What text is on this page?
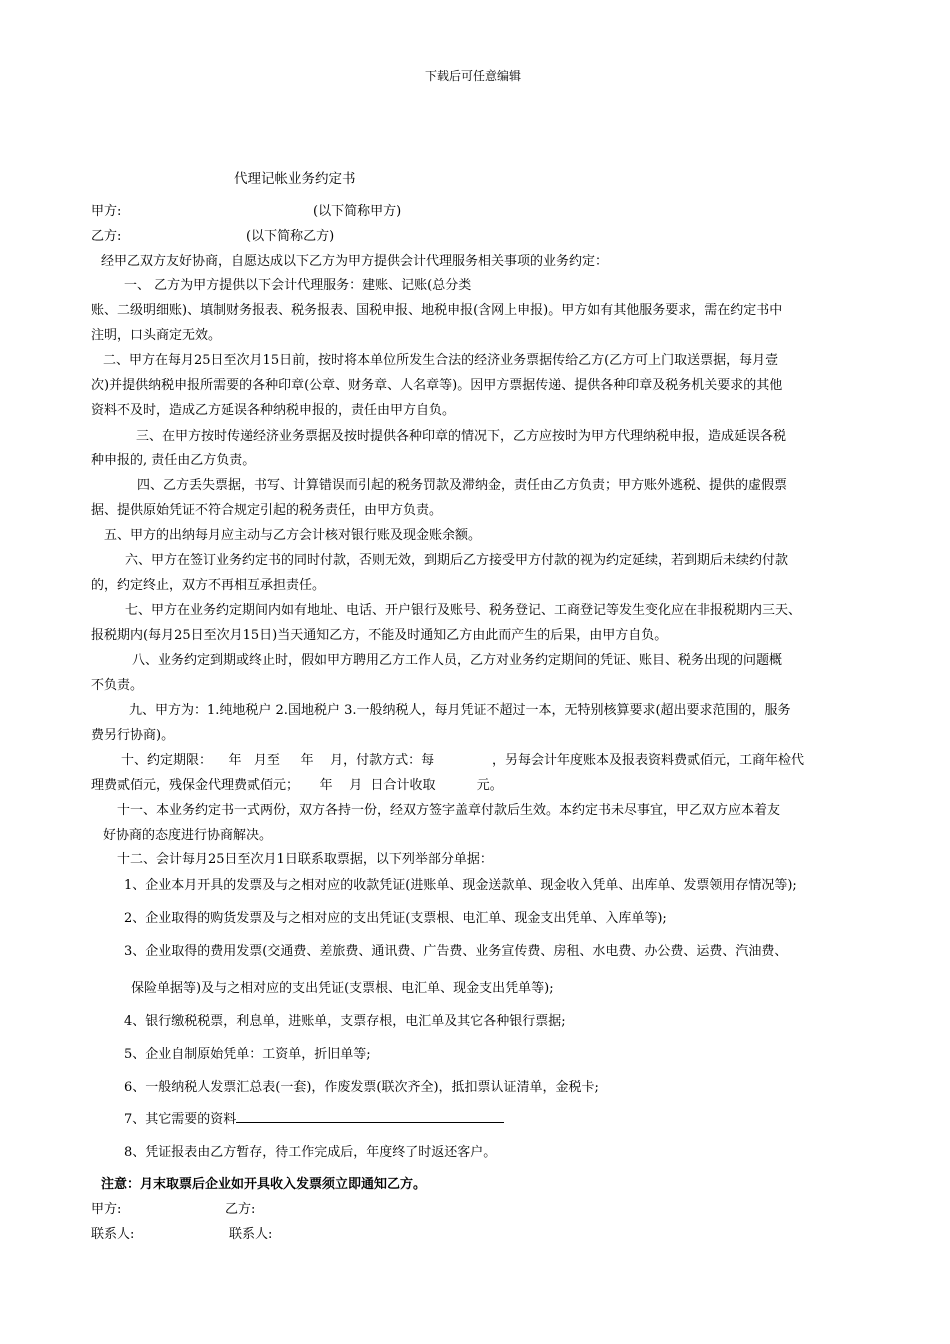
下载后可任意编辑
代理记帐业务约定书
甲方:	(以下简称甲方)
乙方:	(以下简称乙方)
经甲乙双方友好协商，自愿达成以下乙方为甲方提供会计代理服务相关事项的业务约定：
一、 乙方为甲方提供以下会计代理服务：建账、记账(总分类
账、二级明细账)、填制财务报表、税务报表、国税申报、地税申报(含网上申报)。甲方如有其他服务要求，需在约定书中
注明，口头商定无效。
二、甲方在每月25日至次月15日前，按时将本单位所发生合法的经济业务票据传给乙方(乙方可上门取送票据，每月壹
次)并提供纳税申报所需要的各种印章(公章、财务章、人名章等)。因甲方票据传递、提供各种印章及税务机关要求的其他
资料不及时，造成乙方延误各种纳税申报的，责任由甲方自负。
三、在甲方按时传递经济业务票据及按时提供各种印章的情况下，乙方应按时为甲方代理纳税申报，造成延误各税
种申报的, 责任由乙方负责。
四、乙方丢失票据，书写、计算错误而引起的税务罚款及滞纳金，责任由乙方负责；甲方账外逃税、提供的虚假票
据、提供原始凭证不符合规定引起的税务责任，由甲方负责。
五、甲方的出纳每月应主动与乙方会计核对银行账及现金账余额。
六、甲方在签订业务约定书的同时付款，否则无效，到期后乙方接受甲方付款的视为约定延续，若到期后未续约付款
的，约定终止，双方不再相互承担责任。
七、甲方在业务约定期间内如有地址、电话、开户银行及账号、税务登记、工商登记等发生变化应在非报税期内三天、
报税期内(每月25日至次月15日)当天通知乙方，不能及时通知乙方由此而产生的后果，由甲方自负。
八、业务约定到期或终止时，假如甲方聘用乙方工作人员，乙方对业务约定期间的凭证、账目、税务出现的问题概
不负责。
九、甲方为：1.纯地税户 2.国地税户 3.一般纳税人，每月凭证不超过一本，无特别核算要求(超出要求范围的，服务
费另行协商)。
十、约定期限：    年   月至     年    月，付款方式：每              ，另每会计年度账本及报表资料费贰佰元，工商年检代
理费贰佰元，残保金代理费贰佰元；     年    月  日合计收取          元。
十一、本业务约定书一式两份，双方各持一份，经双方签字盖章付款后生效。本约定书未尽事宜，甲乙双方应本着友
好协商的态度进行协商解决。
十二、会计每月25日至次月1日联系取票据，以下列举部分单据：
1、企业本月开具的发票及与之相对应的收款凭证(进账单、现金送款单、现金收入凭单、出库单、发票领用存情况等);
2、企业取得的购货发票及与之相对应的支出凭证(支票根、电汇单、现金支出凭单、入库单等);
3、企业取得的费用发票(交通费、差旅费、通讯费、广告费、业务宣传费、房租、水电费、办公费、运费、汽油费、
保险单据等)及与之相对应的支出凭证(支票根、电汇单、现金支出凭单等);
4、银行缴税税票，利息单，进账单，支票存根，电汇单及其它各种银行票据;
5、企业自制原始凭单：工资单，折旧单等;
6、一般纳税人发票汇总表(一套)，作废发票(联次齐全)，抵扣票认证清单，金税卡;
7、其它需要的资料
8、凭证报表由乙方暂存，待工作完成后，年度终了时返还客户。
注意：月末取票后企业如开具收入发票须立即通知乙方。
甲方:	乙方:
联系人:	联系人:
